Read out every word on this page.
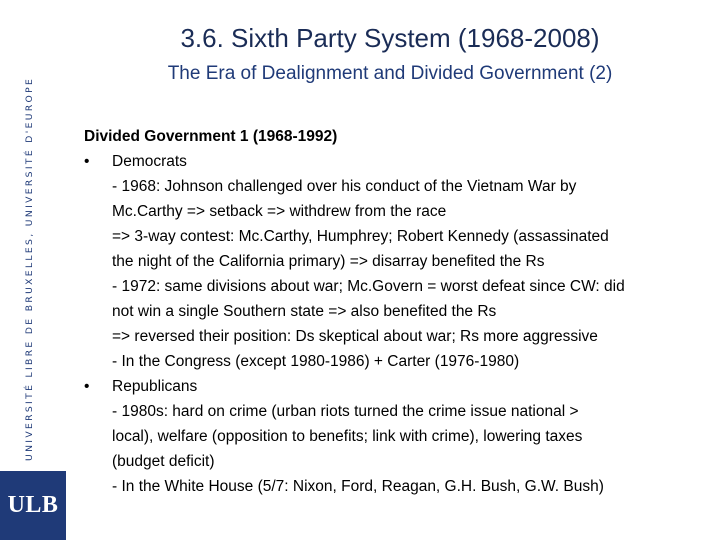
UNIVERSITÉ LIBRE DE BRUXELLES, UNIVERSITÉ D'EUROPE
ULB
3.6. Sixth Party System (1968-2008)
The Era of Dealignment and Divided Government (2)
Divided Government 1 (1968-1992)
•	Democrats
- 1968: Johnson challenged over his conduct of the Vietnam War by
Mc.Carthy => setback => withdrew from the race
=> 3-way contest: Mc.Carthy, Humphrey; Robert Kennedy (assassinated
the night of the California primary) => disarray benefited the Rs
- 1972: same divisions about war; Mc.Govern = worst defeat since CW: did
not win a single Southern state => also benefited the Rs
=> reversed their position: Ds skeptical about war; Rs more aggressive
- In the Congress (except 1980-1986) + Carter (1976-1980)
•	Republicans
- 1980s: hard on crime (urban riots turned the crime issue national >
local), welfare (opposition to benefits; link with crime), lowering taxes
(budget deficit)
- In the White House (5/7: Nixon, Ford, Reagan, G.H. Bush, G.W. Bush)
